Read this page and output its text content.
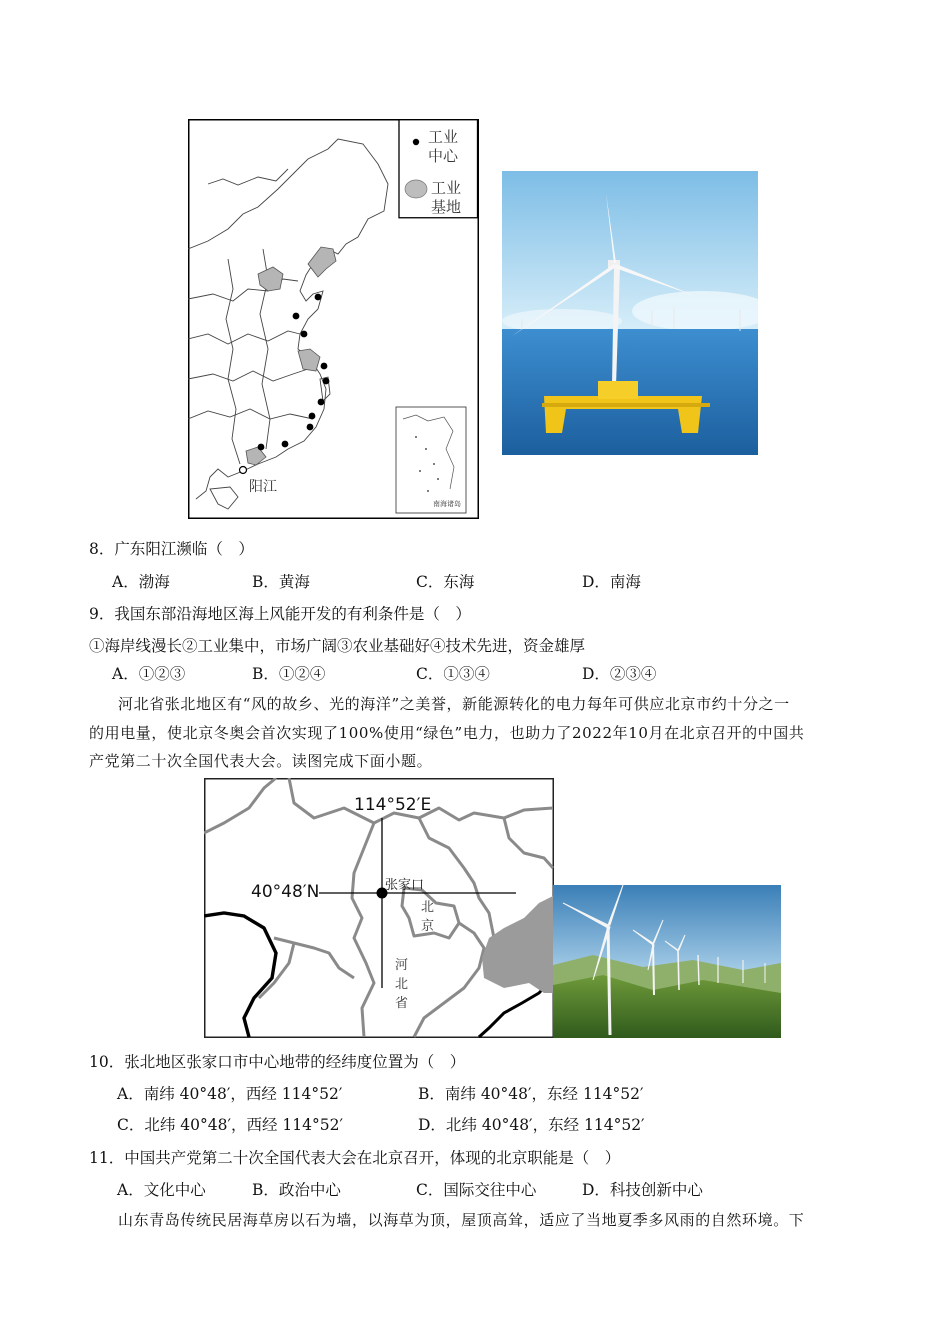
工业
中心
工业
基地
阳江
南海诸岛
8．广东阳江濒临（　）
A．渤海	B．黄海	C．东海	D．南海
9．我国东部沿海地区海上风能开发的有利条件是（　）
①海岸线漫长②工业集中，市场广阔③农业基础好④技术先进，资金雄厚
A．①②③	B．①②④	C．①③④	D．②③④
河北省张北地区有“风的故乡、光的海洋”之美誉，新能源转化的电力每年可供应北京市约十分之一
的用电量，使北京冬奥会首次实现了100%使用“绿色”电力，也助力了2022年10月在北京召开的中国共
产党第二十次全国代表大会。读图完成下面小题。
114°52′E
40°48′N	张家口
北
京
河
北
省
10．张北地区张家口市中心地带的经纬度位置为（　）
A．南纬 40°48′，西经 114°52′	B．南纬 40°48′，东经 114°52′
C．北纬 40°48′，西经 114°52′	D．北纬 40°48′，东经 114°52′
11．中国共产党第二十次全国代表大会在北京召开，体现的北京职能是（　）
A．文化中心	B．政治中心	C．国际交往中心	D．科技创新中心
山东青岛传统民居海草房以石为墙，以海草为顶，屋顶高耸，适应了当地夏季多风雨的自然环境。下
